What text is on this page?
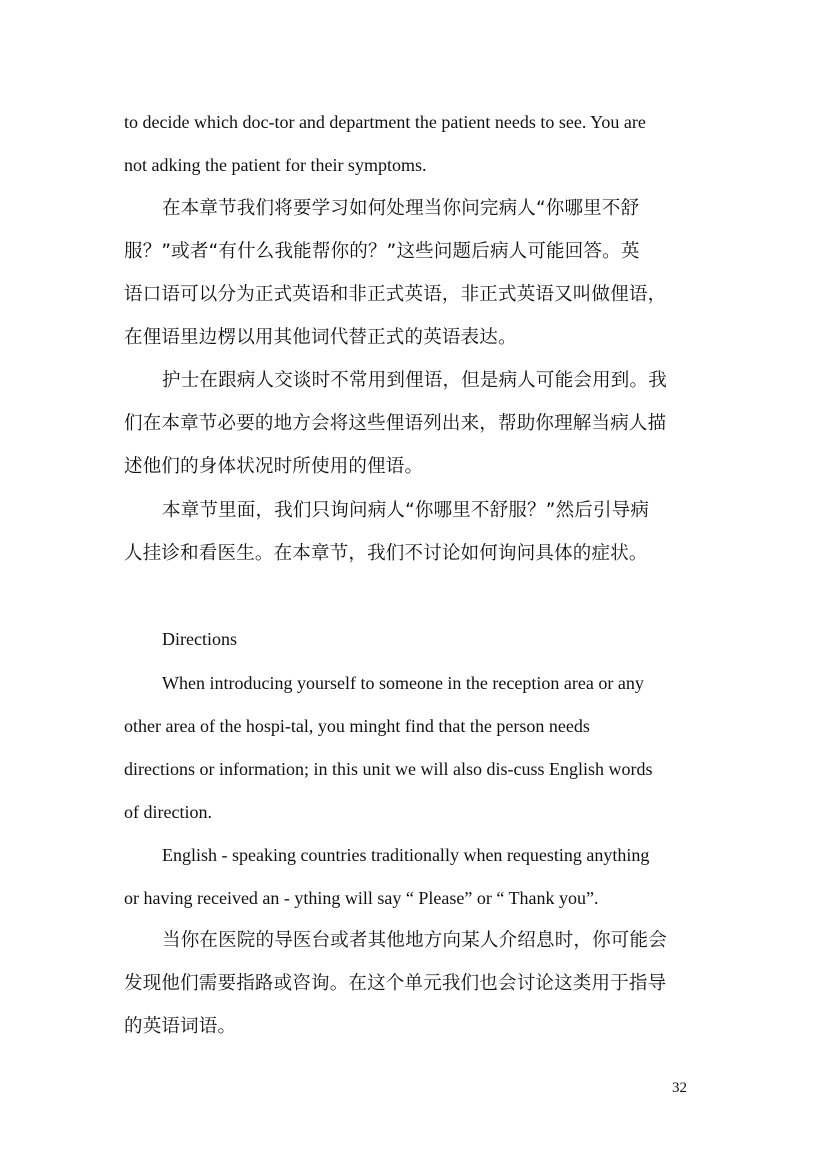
to decide which doc-tor and department the patient needs to see. You are

not adking the patient for their symptoms.

在本章节我们将要学习如何处理当你问完病人“你哪里不舒

服？”或者“有什么我能帮你的？”这些问题后病人可能回答。英

语口语可以分为正式英语和非正式英语，非正式英语又叫做俚语，

在俚语里边楞以用其他词代替正式的英语表达。

护士在跟病人交谈时不常用到俚语，但是病人可能会用到。我

们在本章节必要的地方会将这些俚语列出来，帮助你理解当病人描

述他们的身体状况时所使用的俚语。

本章节里面，我们只询问病人“你哪里不舒服？”然后引导病

人挂诊和看医生。在本章节，我们不讨论如何询问具体的症状。

Directions

When introducing yourself to someone in the reception area or any

other area of the hospi-tal, you minght find that the person needs

directions or information; in this unit we will also dis-cuss English words

of direction.

English - speaking countries traditionally when requesting anything

or having received an - ything will say “ Please” or “ Thank you”.

当你在医院的导医台或者其他地方向某人介绍息时，你可能会

发现他们需要指路或咨询。在这个单元我们也会讨论这类用于指导

的英语词语。

32
